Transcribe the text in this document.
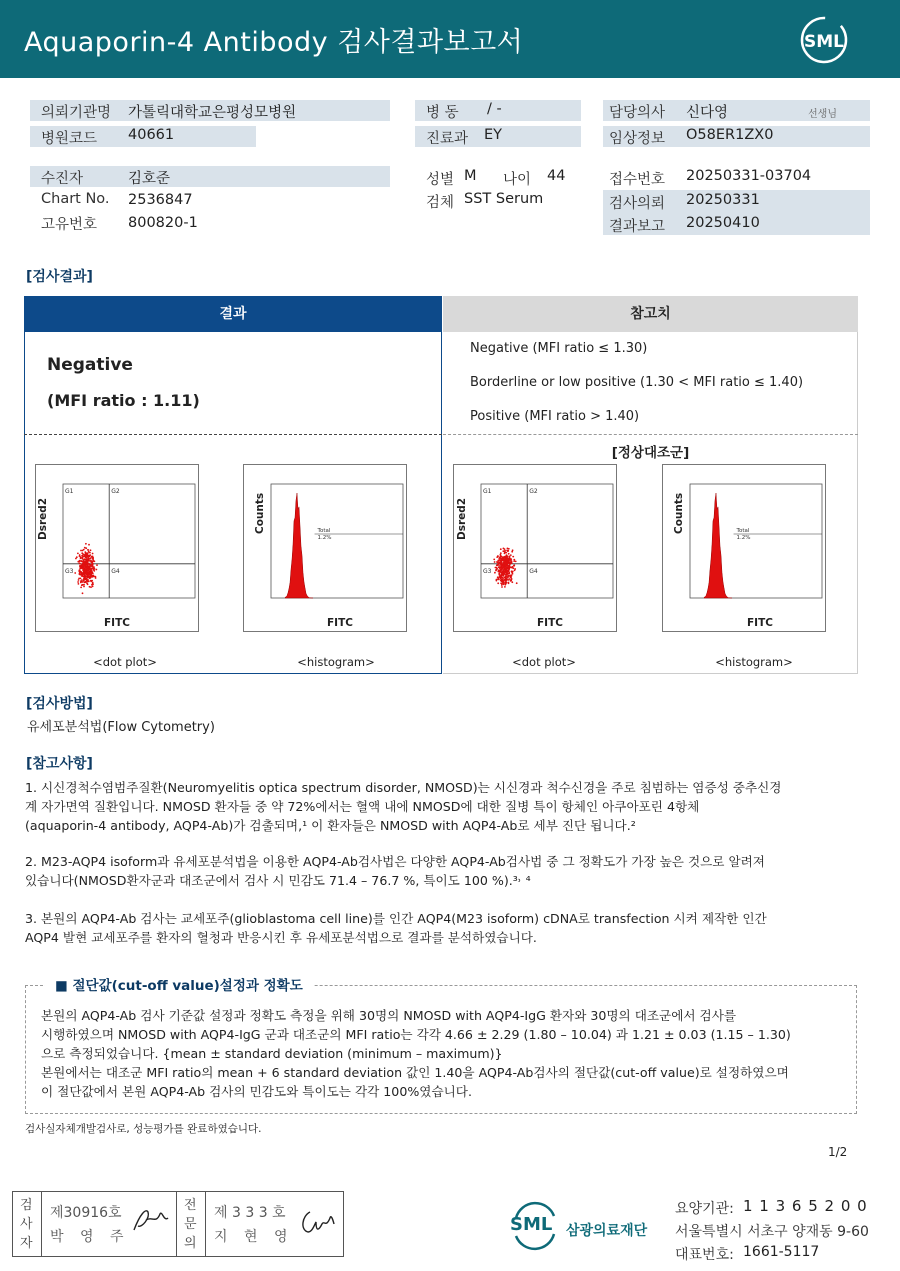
Aquaporin-4 Antibody 검사결과보고서	SML
의뢰기관명 가톨릭대학교은평성모병원
병원코드 40661
병 동 / -
진료과 EY
담당의사 신다영	선생님
임상정보 O58ER1ZX0
수진자	김호준
Chart No. 2536847
고유번호 800820-1
성별 M 나이 44
검체 SST Serum
접수번호 20250331-03704
검사의뢰 20250331
결과보고 20250410
[검사결과]
결과	참고치
Negative
(MFI ratio : 1.11)
Negative (MFI ratio ≤ 1.30)
Borderline or low positive (1.30 < MFI ratio ≤ 1.40)
Positive (MFI ratio > 1.40)
[정상대조군]
G1	G2
G3	G4
Total
1.2%
G1	G2
G3	G4
Total
1.2%
FITC	FITC	FITC	FITC
Dsred2	Counts	Dsred2	Counts
<dot plot>	<histogram>	<dot plot>	<histogram>
[검사방법]
유세포분석법(Flow Cytometry)
[참고사항]
1. 시신경척수염범주질환(Neuromyelitis optica spectrum disorder, NMOSD)는 시신경과 척수신경을 주로 침범하는 염증성 중추신경
계 자가면역 질환입니다. NMOSD 환자들 중 약 72%에서는 혈액 내에 NMOSD에 대한 질병 특이 항체인 아쿠아포린 4항체
(aquaporin-4 antibody, AQP4-Ab)가 검출되며,¹ 이 환자들은 NMOSD with AQP4-Ab로 세부 진단 됩니다.²
2. M23-AQP4 isoform과 유세포분석법을 이용한 AQP4-Ab검사법은 다양한 AQP4-Ab검사법 중 그 정확도가 가장 높은 것으로 알려져
있습니다(NMOSD환자군과 대조군에서 검사 시 민감도 71.4 – 76.7 %, 특이도 100 %).³˒ ⁴
3. 본원의 AQP4-Ab 검사는 교세포주(glioblastoma cell line)를 인간 AQP4(M23 isoform) cDNA로 transfection 시켜 제작한 인간
AQP4 발현 교세포주를 환자의 혈청과 반응시킨 후 유세포분석법으로 결과를 분석하였습니다.
■ 절단값(cut-off value)설정과 정확도
본원의 AQP4-Ab 검사 기준값 설정과 정확도 측정을 위해 30명의 NMOSD with AQP4-IgG 환자와 30명의 대조군에서 검사를
시행하였으며 NMOSD with AQP4-IgG 군과 대조군의 MFI ratio는 각각 4.66 ± 2.29 (1.80 – 10.04) 과 1.21 ± 0.03 (1.15 – 1.30)
으로 측정되었습니다. {mean ± standard deviation (minimum – maximum)}
본원에서는 대조군 MFI ratio의 mean + 6 standard deviation 값인 1.40을 AQP4-Ab검사의 절단값(cut-off value)로 설정하였으며
이 절단값에서 본원 AQP4-Ab 검사의 민감도와 특이도는 각각 100%였습니다.
검사실자체개발검사로, 성능평가를 완료하였습니다.
1/2
검사자
전문의
제30916호
박 영 주
제 3 3 3 호
지 현 영
SML 삼광의료재단
요양기관: 1 1 3 6 5 2 0 0
서울특별시 서초구 양재동 9-60
대표번호: 1661-5117
